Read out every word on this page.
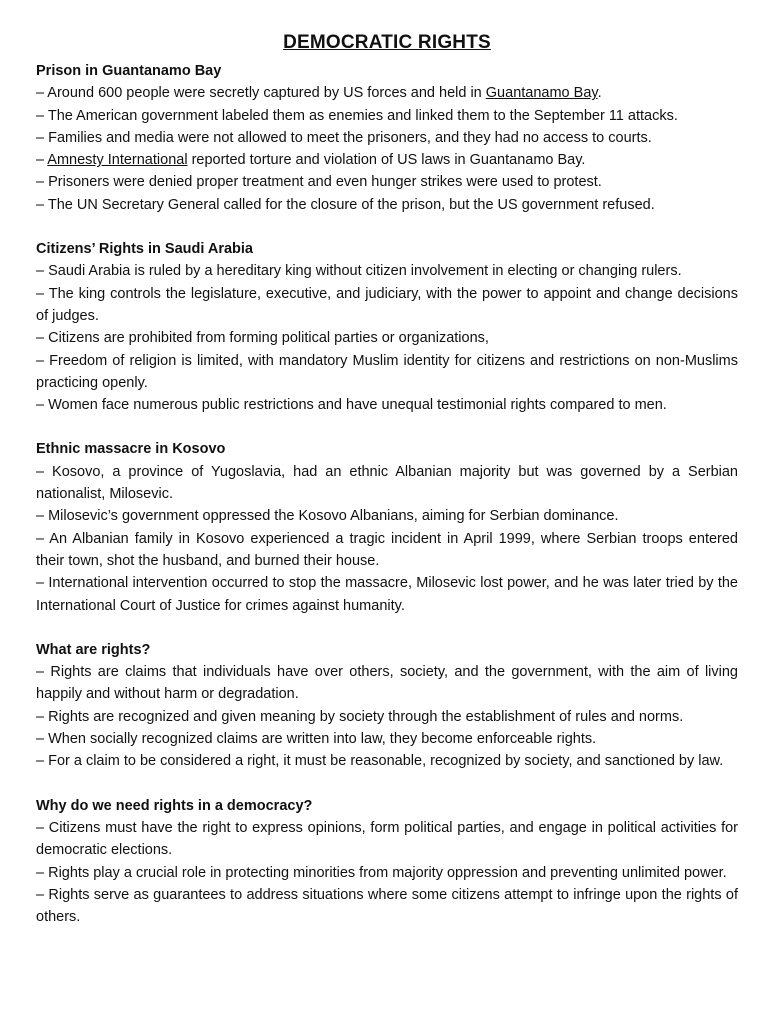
DEMOCRATIC RIGHTS

Prison in Guantanamo Bay

– Around 600 people were secretly captured by US forces and held in Guantanamo Bay.

– The American government labeled them as enemies and linked them to the September 11 attacks.

– Families and media were not allowed to meet the prisoners, and they had no access to courts.

– Amnesty International reported torture and violation of US laws in Guantanamo Bay.

– Prisoners were denied proper treatment and even hunger strikes were used to protest.

– The UN Secretary General called for the closure of the prison, but the US government refused.

Citizens’ Rights in Saudi Arabia

– Saudi Arabia is ruled by a hereditary king without citizen involvement in electing or changing rulers.

– The king controls the legislature, executive, and judiciary, with the power to appoint and change decisions of judges.

– Citizens are prohibited from forming political parties or organizations,

– Freedom of religion is limited, with mandatory Muslim identity for citizens and restrictions on non-Muslims practicing openly.

– Women face numerous public restrictions and have unequal testimonial rights compared to men.

Ethnic massacre in Kosovo

– Kosovo, a province of Yugoslavia, had an ethnic Albanian majority but was governed by a Serbian nationalist, Milosevic.

– Milosevic’s government oppressed the Kosovo Albanians, aiming for Serbian dominance.

– An Albanian family in Kosovo experienced a tragic incident in April 1999, where Serbian troops entered their town, shot the husband, and burned their house.

– International intervention occurred to stop the massacre, Milosevic lost power, and he was later tried by the International Court of Justice for crimes against humanity.

What are rights?

– Rights are claims that individuals have over others, society, and the government, with the aim of living happily and without harm or degradation.

– Rights are recognized and given meaning by society through the establishment of rules and norms.

– When socially recognized claims are written into law, they become enforceable rights.

– For a claim to be considered a right, it must be reasonable, recognized by society, and sanctioned by law.

Why do we need rights in a democracy?

– Citizens must have the right to express opinions, form political parties, and engage in political activities for democratic elections.

– Rights play a crucial role in protecting minorities from majority oppression and preventing unlimited power.

– Rights serve as guarantees to address situations where some citizens attempt to infringe upon the rights of others.
